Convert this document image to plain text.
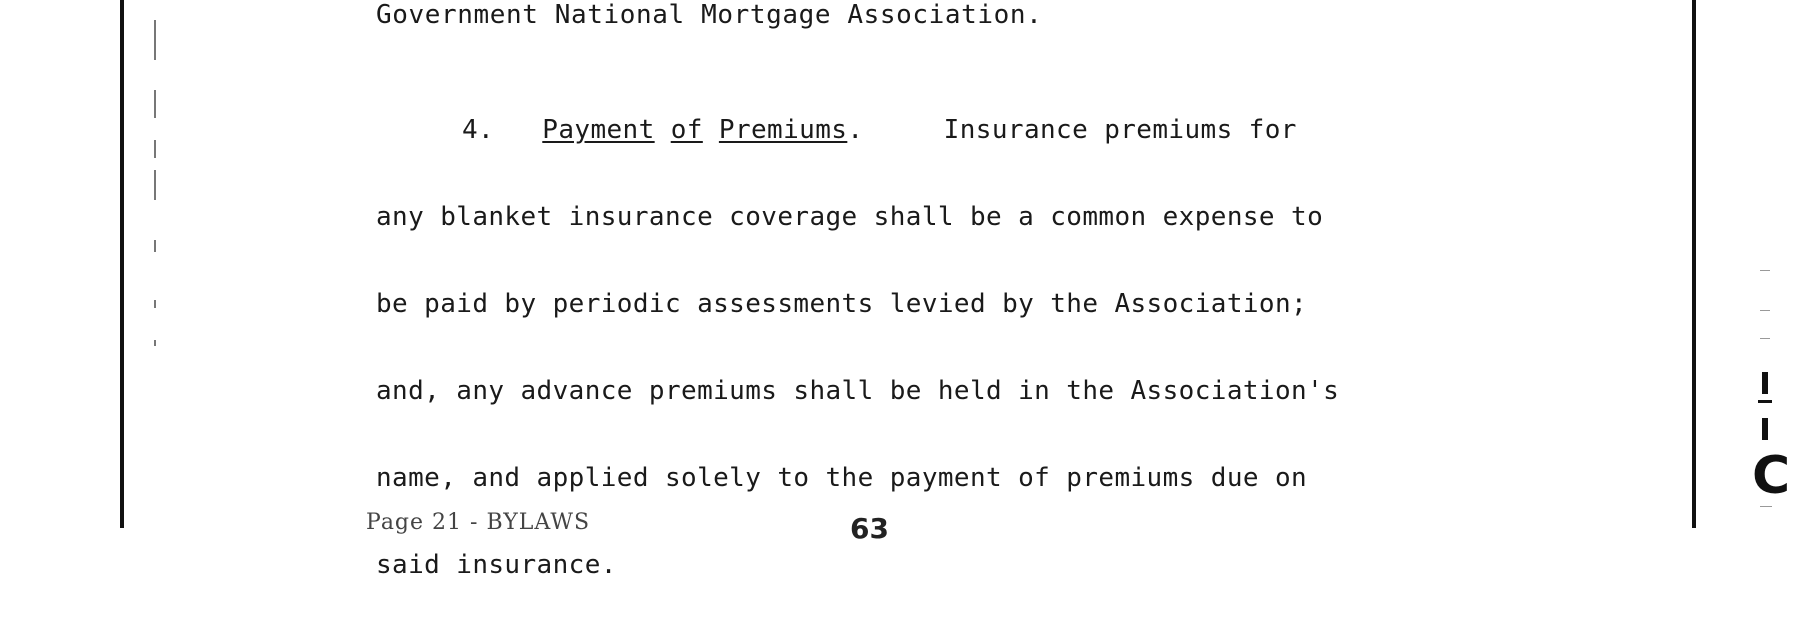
Government National Mortgage Association.

4. Payment of Premiums.	Insurance premiums for

any blanket insurance coverage shall be a common expense to

be paid by periodic assessments levied by the Association;

and, any advance premiums shall be held in the Association's

name, and applied solely to the payment of premiums due on

said insurance.

Page 21 - BYLAWS	63
C
